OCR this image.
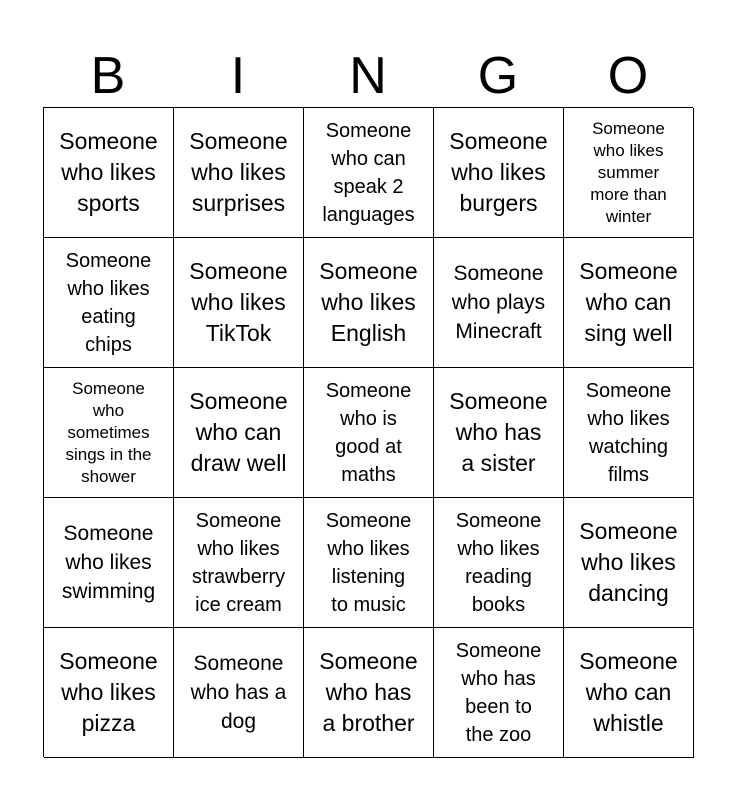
B	I	N	G	O
Someone
who likes
sports
Someone
who likes
surprises
Someone
who can
speak 2
languages
Someone
who likes
burgers
Someone
who likes
summer
more than
winter
Someone
who likes
eating
chips
Someone
who likes
TikTok
Someone
who likes
English
Someone
who plays
Minecraft
Someone
who can
sing well
Someone
who
sometimes
sings in the
shower
Someone
who can
draw well
Someone
who is
good at
maths
Someone
who has
a sister
Someone
who likes
watching
films
Someone
who likes
swimming
Someone
who likes
strawberry
ice cream
Someone
who likes
listening
to music
Someone
who likes
reading
books
Someone
who likes
dancing
Someone
who likes
pizza
Someone
who has a
dog
Someone
who has
a brother
Someone
who has
been to
the zoo
Someone
who can
whistle
